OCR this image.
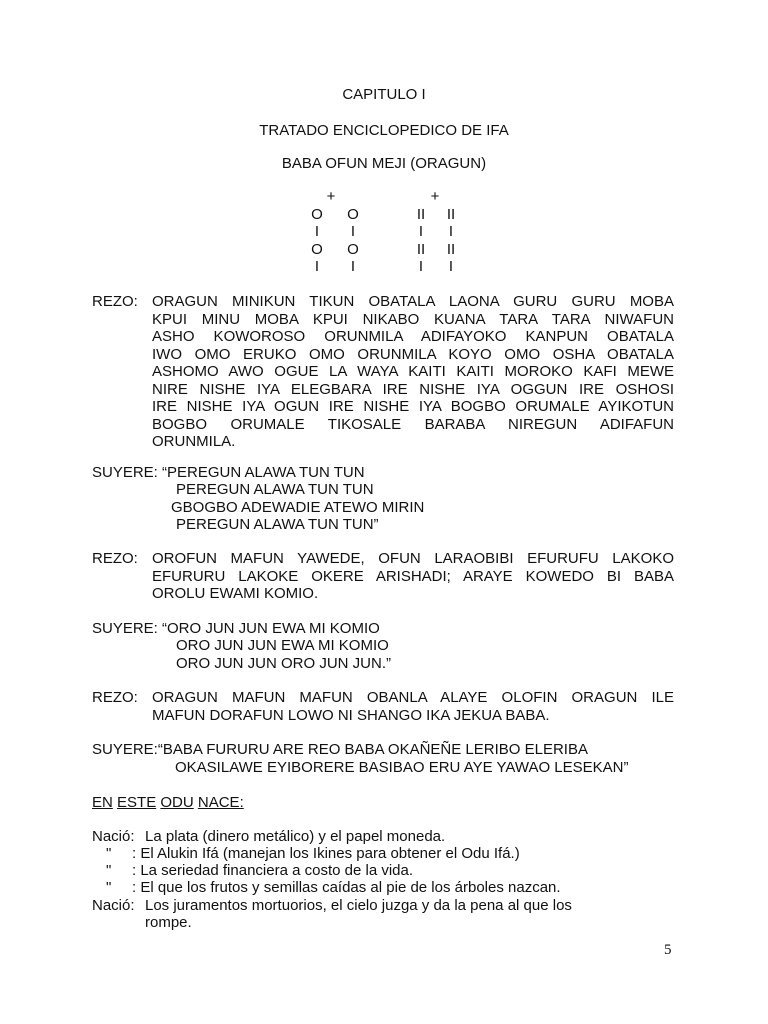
CAPITULO I
TRATADO ENCICLOPEDICO DE IFA
BABA OFUN MEJI (ORAGUN)
+
O O
I	I
O O
I	I
+
II II
I	I
II II
I	I
REZO: ORAGUN MINIKUN TIKUN OBATALA LAONA GURU GURU MOBA
KPUI MINU MOBA KPUI NIKABO KUANA TARA TARA NIWAFUN
ASHO KOWOROSO ORUNMILA ADIFAYOKO KANPUN OBATALA
IWO OMO ERUKO OMO ORUNMILA KOYO OMO OSHA OBATALA
ASHOMO AWO OGUE LA WAYA KAITI KAITI MOROKO KAFI MEWE
NIRE NISHE IYA ELEGBARA IRE NISHE IYA OGGUN IRE OSHOSI
IRE NISHE IYA OGUN IRE NISHE IYA BOGBO ORUMALE AYIKOTUN
BOGBO ORUMALE TIKOSALE BARABA NIREGUN ADIFAFUN
ORUNMILA.
SUYERE: “PEREGUN ALAWA TUN TUN
PEREGUN ALAWA TUN TUN
GBOGBO ADEWADIE ATEWO MIRIN
PEREGUN ALAWA TUN TUN”
REZO: OROFUN MAFUN YAWEDE, OFUN LARAOBIBI EFURUFU LAKOKO
EFURURU LAKOKE OKERE ARISHADI; ARAYE KOWEDO BI BABA
OROLU EWAMI KOMIO.
SUYERE: “ORO JUN JUN EWA MI KOMIO
ORO JUN JUN EWA MI KOMIO
ORO JUN JUN ORO JUN JUN.”
REZO: ORAGUN MAFUN MAFUN OBANLA ALAYE OLOFIN ORAGUN ILE
MAFUN DORAFUN LOWO NI SHANGO IKA JEKUA BABA.
SUYERE:“BABA FURURU ARE REO BABA OKAÑEÑE LERIBO ELERIBA
OKASILAWE EYIBORERE BASIBAO ERU AYE YAWAO LESEKAN”
EN ESTE ODU NACE:
Nació: La plata (dinero metálico) y el papel moneda.
" : El Alukin Ifá (manejan los Ikines para obtener el Odu Ifá.)
" : La seriedad financiera a costo de la vida.
" : El que los frutos y semillas caídas al pie de los árboles nazcan.
Nació: Los juramentos mortuorios, el cielo juzga y da la pena al que los
rompe.
5
